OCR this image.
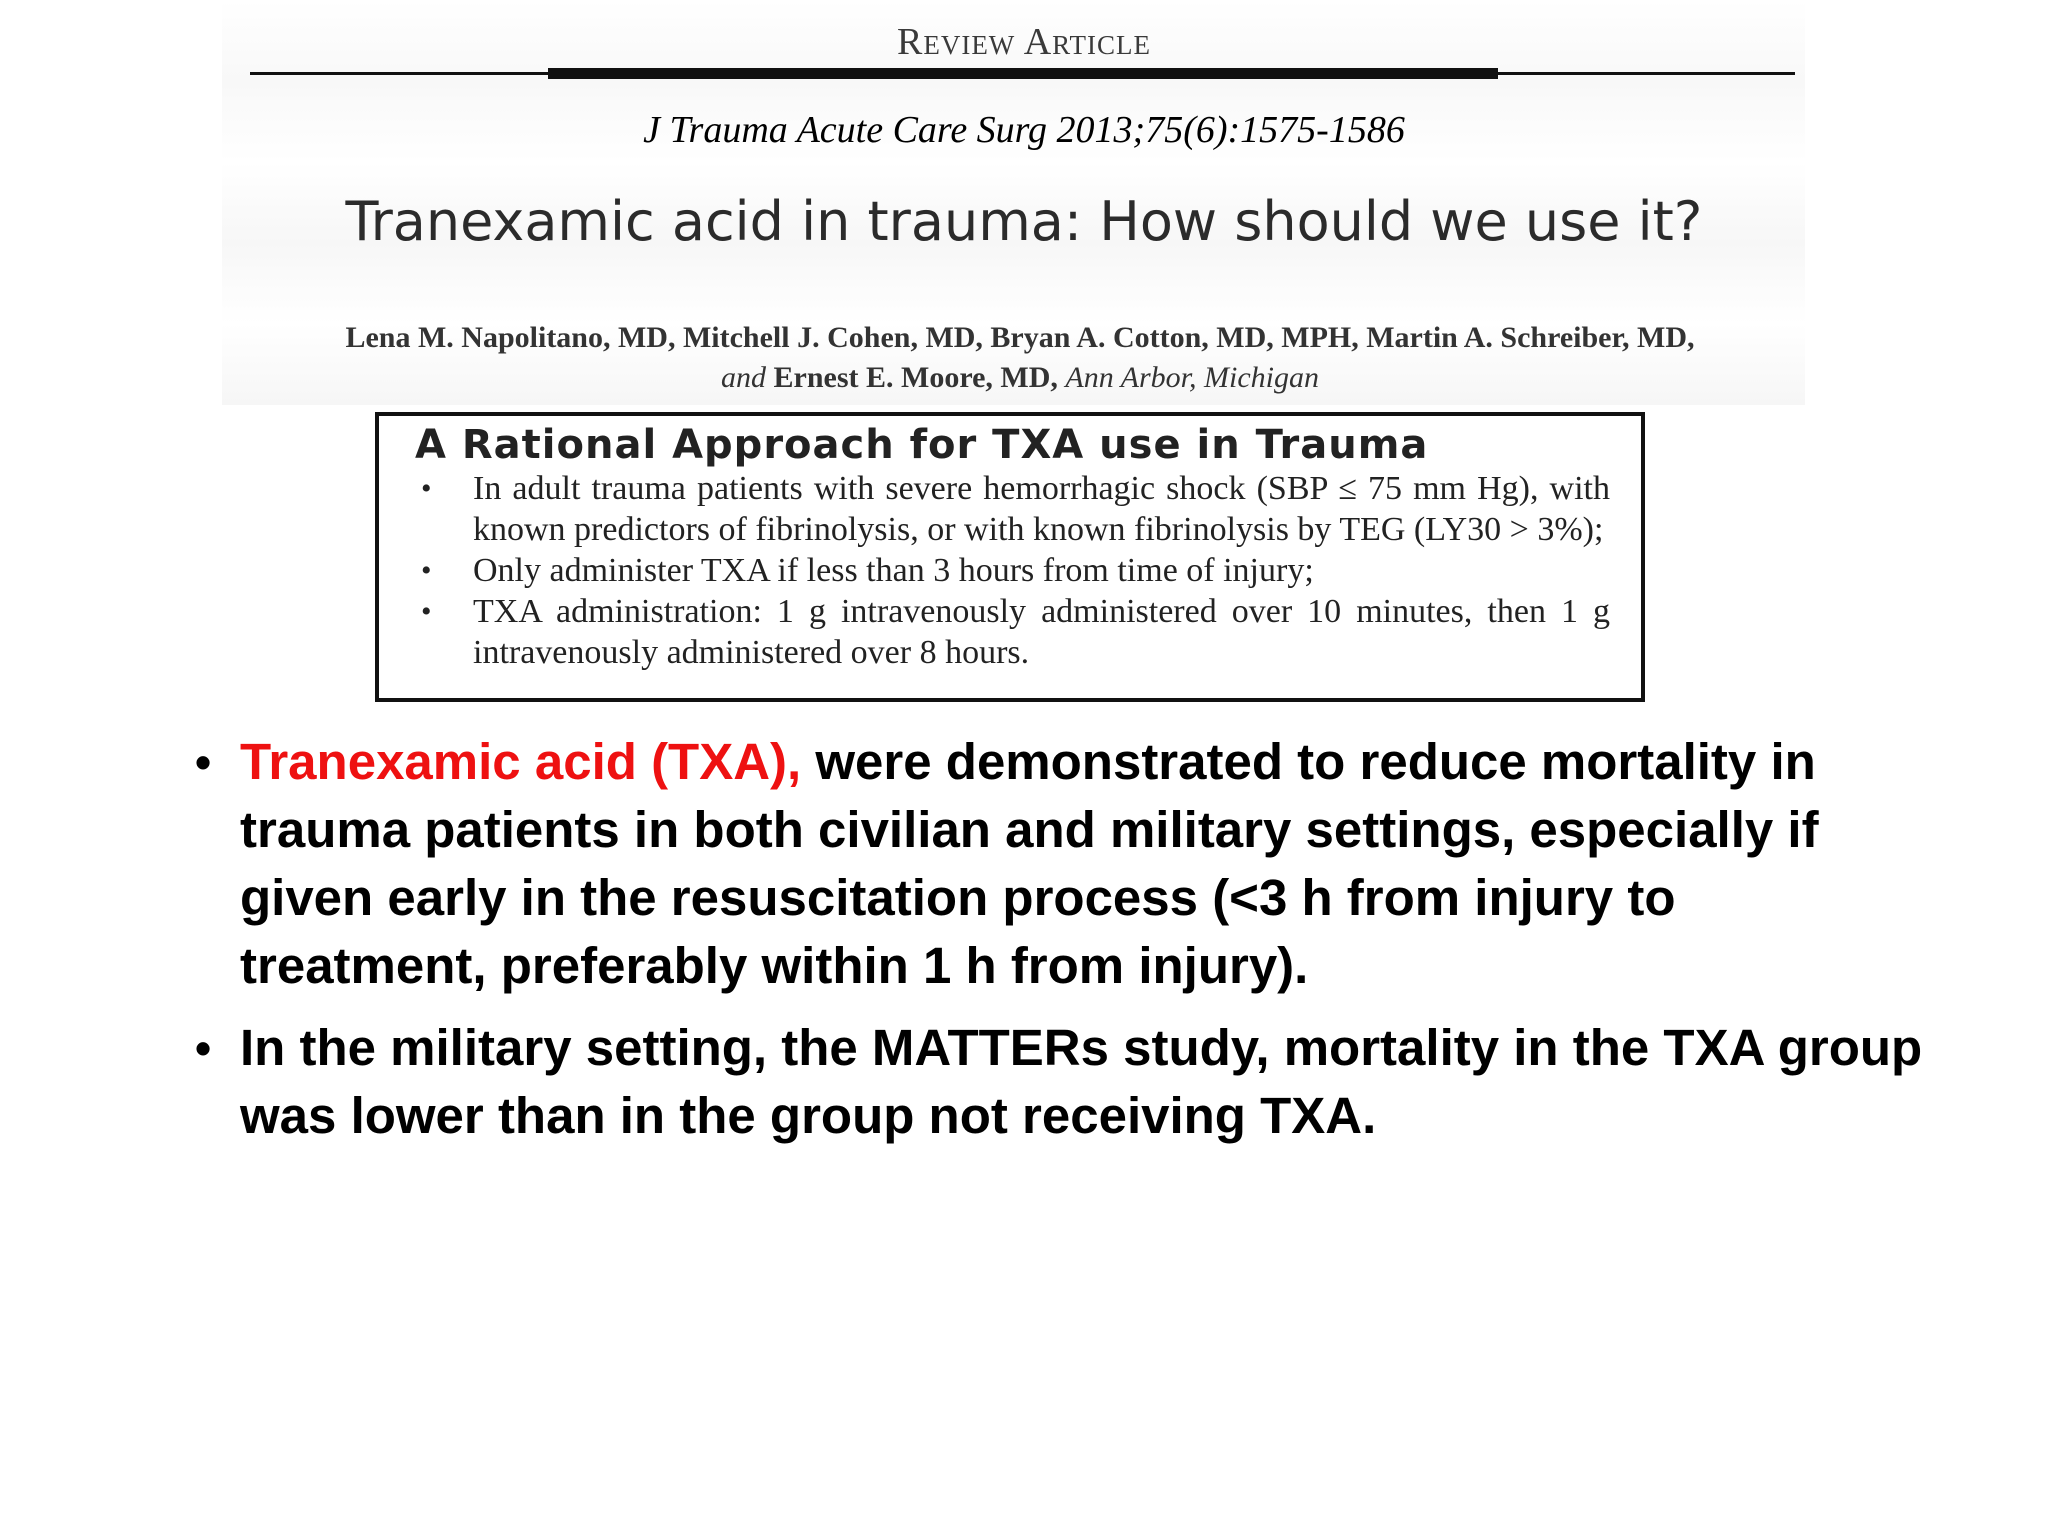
Review Article
J Trauma Acute Care Surg 2013;75(6):1575-1586
Tranexamic acid in trauma: How should we use it?
Lena M. Napolitano, MD, Mitchell J. Cohen, MD, Bryan A. Cotton, MD, MPH, Martin A. Schreiber, MD,
and Ernest E. Moore, MD, Ann Arbor, Michigan
A Rational Approach for TXA use in Trauma
• In adult trauma patients with severe hemorrhagic shock (SBP ≤ 75 mm Hg), with known predictors of fibrinolysis, or with known fibrinolysis by TEG (LY30 > 3%);
• Only administer TXA if less than 3 hours from time of injury;
• TXA administration: 1 g intravenously administered over 10 minutes, then 1 g intravenously administered over 8 hours.
• Tranexamic acid (TXA), were demonstrated to reduce mortality in trauma patients in both civilian and military settings, especially if given early in the resuscitation process (<3 h from injury to treatment, preferably within 1 h from injury).
• In the military setting, the MATTERs study, mortality in the TXA group was lower than in the group not receiving TXA.
